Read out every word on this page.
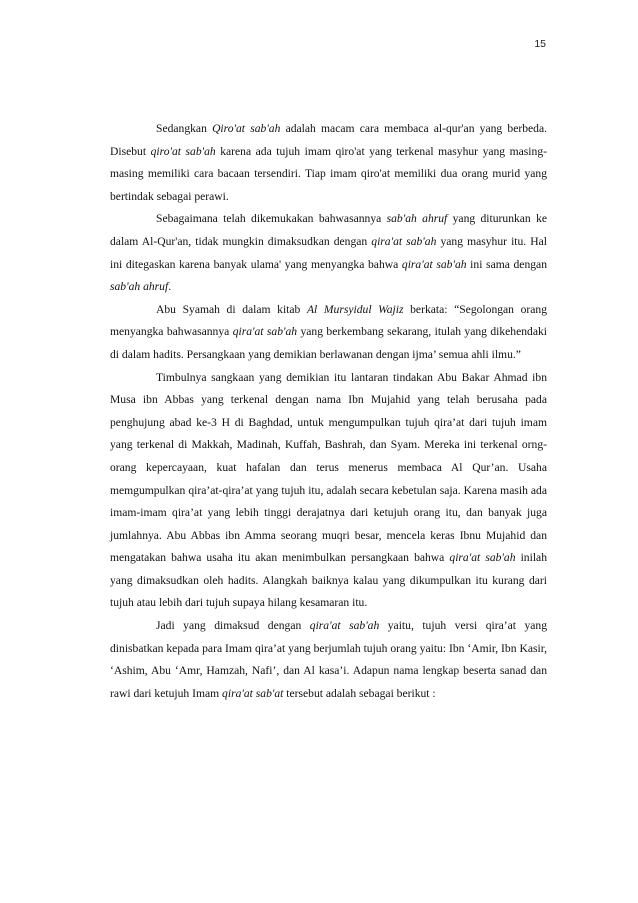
15

Sedangkan Qiro'at sab'ah adalah macam cara membaca al-qur'an yang berbeda. Disebut qiro'at sab'ah karena ada tujuh imam qiro'at yang terkenal masyhur yang masing-masing memiliki cara bacaan tersendiri. Tiap imam qiro'at memiliki dua orang murid yang bertindak sebagai perawi.

Sebagaimana telah dikemukakan bahwasannya sab'ah ahruf yang diturunkan ke dalam Al-Qur'an, tidak mungkin dimaksudkan dengan qira'at sab'ah yang masyhur itu. Hal ini ditegaskan karena banyak ulama' yang menyangka bahwa qira'at sab'ah ini sama dengan sab'ah ahruf.

Abu Syamah di dalam kitab Al Mursyidul Wajiz berkata: “Segolongan orang menyangka bahwasannya qira'at sab'ah yang berkembang sekarang, itulah yang dikehendaki di dalam hadits. Persangkaan yang demikian berlawanan dengan ijma’ semua ahli ilmu.”

Timbulnya sangkaan yang demikian itu lantaran tindakan Abu Bakar Ahmad ibn Musa ibn Abbas yang terkenal dengan nama Ibn Mujahid yang telah berusaha pada penghujung abad ke-3 H di Baghdad, untuk mengumpulkan tujuh qira’at dari tujuh imam yang terkenal di Makkah, Madinah, Kuffah, Bashrah, dan Syam. Mereka ini terkenal orng-orang kepercayaan, kuat hafalan dan terus menerus membaca Al Qur’an. Usaha memgumpulkan qira’at-qira’at yang tujuh itu, adalah secara kebetulan saja. Karena masih ada imam-imam qira’at yang lebih tinggi derajatnya dari ketujuh orang itu, dan banyak juga jumlahnya. Abu Abbas ibn Amma seorang muqri besar, mencela keras Ibnu Mujahid dan mengatakan bahwa usaha itu akan menimbulkan persangkaan bahwa qira'at sab'ah inilah yang dimaksudkan oleh hadits. Alangkah baiknya kalau yang dikumpulkan itu kurang dari tujuh atau lebih dari tujuh supaya hilang kesamaran itu.

Jadi yang dimaksud dengan qira'at sab'ah yaitu, tujuh versi qira’at yang dinisbatkan kepada para Imam qira’at yang berjumlah tujuh orang yaitu: Ibn ‘Amir, Ibn Kasir, ‘Ashim, Abu ‘Amr, Hamzah, Nafi’, dan Al kasa’i. Adapun nama lengkap beserta sanad dan rawi dari ketujuh Imam qira'at sab'at tersebut adalah sebagai berikut :
